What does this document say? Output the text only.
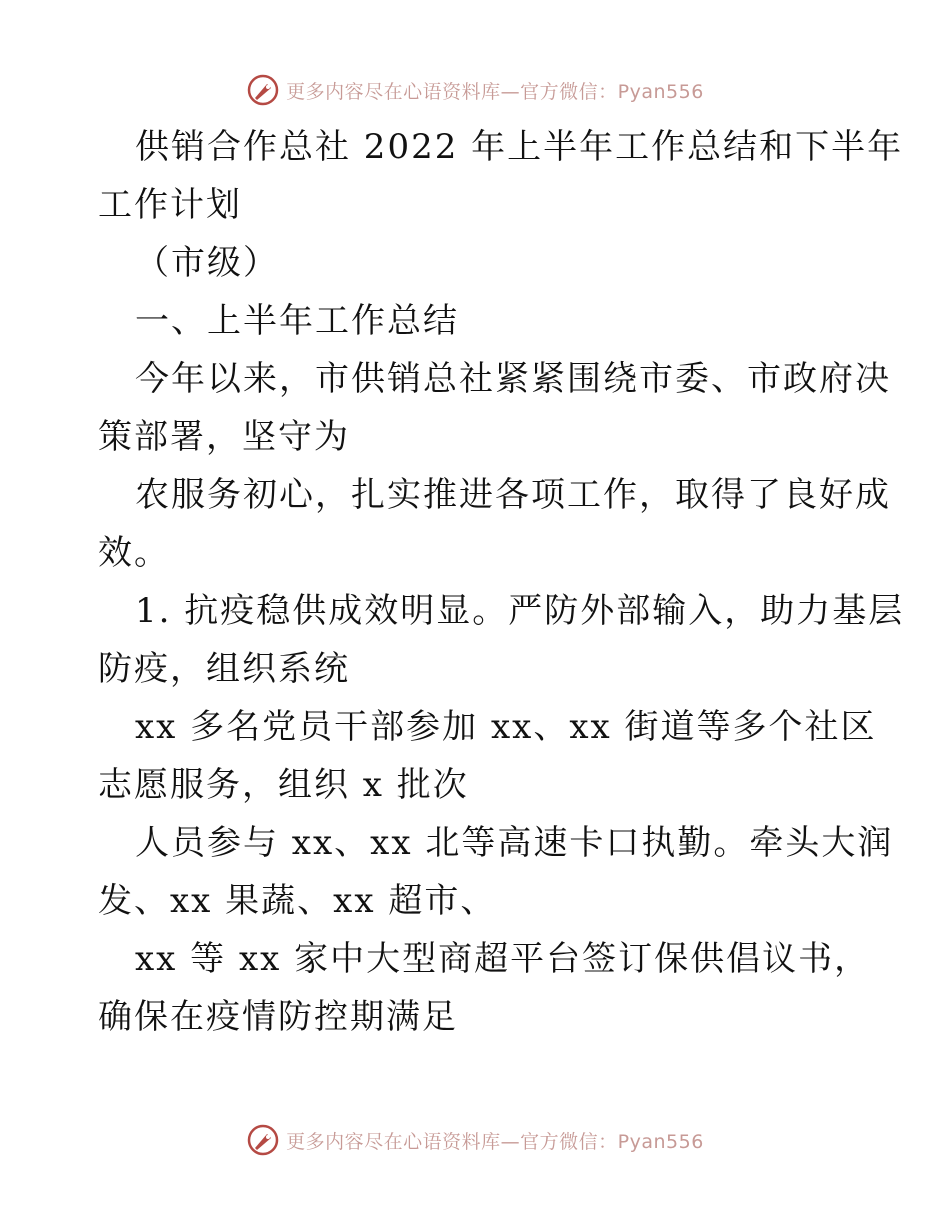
更多内容尽在心语资料库—官方微信：Pyan556
供销合作总社 2022 年上半年工作总结和下半年
工作计划
（市级）
一、上半年工作总结
今年以来，市供销总社紧紧围绕市委、市政府决
策部署，坚守为
农服务初心，扎实推进各项工作，取得了良好成
效。
1. 抗疫稳供成效明显。严防外部输入，助力基层
防疫，组织系统
xx 多名党员干部参加 xx、xx 街道等多个社区
志愿服务，组织 x 批次
人员参与 xx、xx 北等高速卡口执勤。牵头大润
发、xx 果蔬、xx 超市、
xx 等 xx 家中大型商超平台签订保供倡议书，
确保在疫情防控期满足
更多内容尽在心语资料库—官方微信：Pyan556
